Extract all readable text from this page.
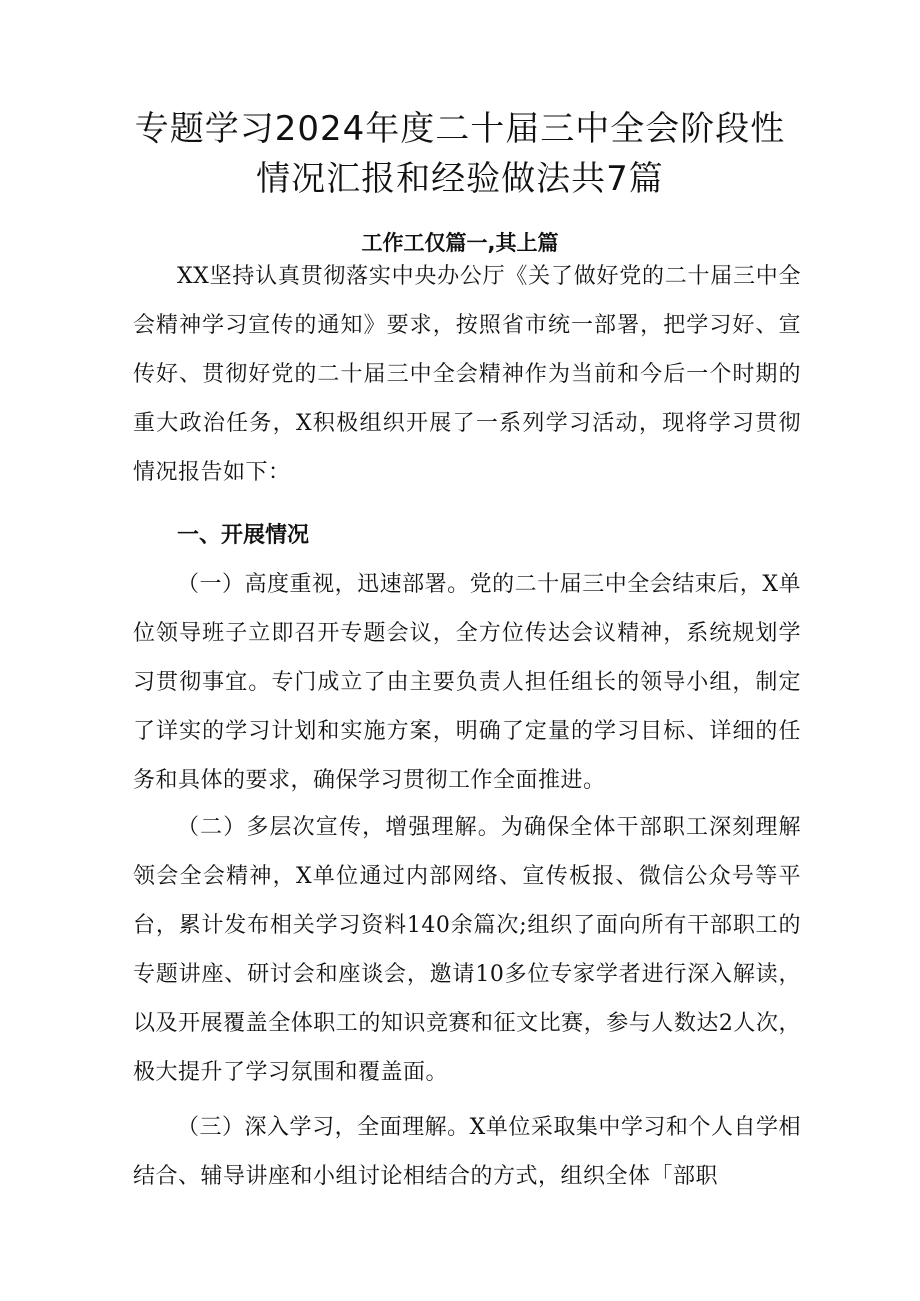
专题学习2024年度二十届三中全会阶段性
情况汇报和经验做法共7篇
工作工仅篇一,其上篇

XX坚持认真贯彻落实中央办公厅《关了做好党的二十届三中全会精神学习宣传的通知》要求，按照省市统一部署，把学习好、宣传好、贯彻好党的二十届三中全会精神作为当前和今后一个时期的重大政治任务，X积极组织开展了一系列学习活动，现将学习贯彻情况报告如下：

一、开展情况

（一）高度重视，迅速部署。党的二十届三中全会结束后，X单位领导班子立即召开专题会议，全方位传达会议精神，系统规划学习贯彻事宜。专门成立了由主要负责人担任组长的领导小组，制定了详实的学习计划和实施方案，明确了定量的学习目标、详细的任务和具体的要求，确保学习贯彻工作全面推进。

（二）多层次宣传，增强理解。为确保全体干部职工深刻理解领会全会精神，X单位通过内部网络、宣传板报、微信公众号等平台，累计发布相关学习资料140余篇次;组织了面向所有干部职工的专题讲座、研讨会和座谈会，邀请10多位专家学者进行深入解读，以及开展覆盖全体职工的知识竞赛和征文比赛，参与人数达2人次，极大提升了学习氛围和覆盖面。

（三）深入学习，全面理解。X单位采取集中学习和个人自学相结合、辅导讲座和小组讨论相结合的方式，组织全体「部职
